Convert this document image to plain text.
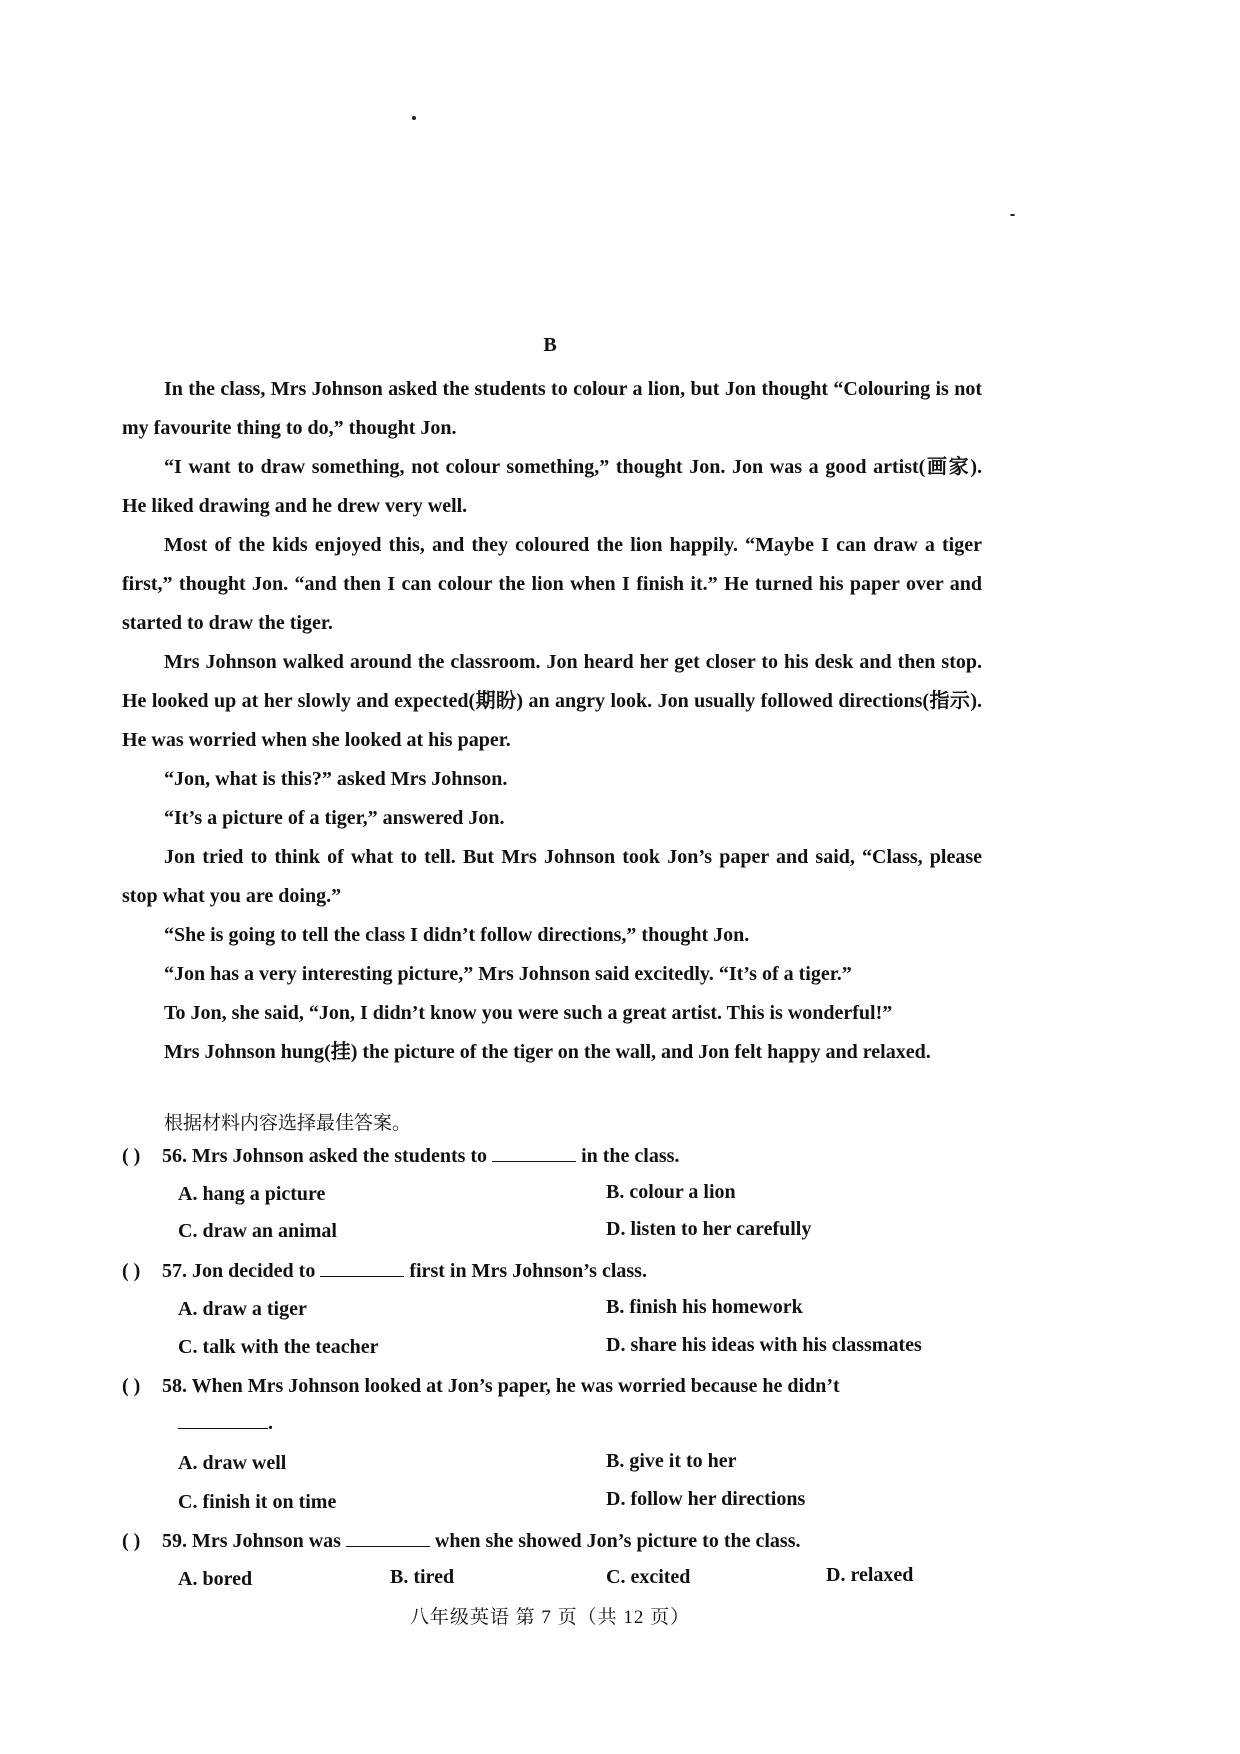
B

In the class, Mrs Johnson asked the students to colour a lion, but Jon thought “Colouring is not my favourite thing to do,” thought Jon.

“I want to draw something, not colour something,” thought Jon. Jon was a good artist(画家). He liked drawing and he drew very well.

Most of the kids enjoyed this, and they coloured the lion happily. “Maybe I can draw a tiger first,” thought Jon. “and then I can colour the lion when I finish it.” He turned his paper over and started to draw the tiger.

Mrs Johnson walked around the classroom. Jon heard her get closer to his desk and then stop. He looked up at her slowly and expected(期盼) an angry look. Jon usually followed directions(指示). He was worried when she looked at his paper.

“Jon, what is this?” asked Mrs Johnson.

“It’s a picture of a tiger,” answered Jon.

Jon tried to think of what to tell. But Mrs Johnson took Jon’s paper and said, “Class, please stop what you are doing.”

“She is going to tell the class I didn’t follow directions,” thought Jon.

“Jon has a very interesting picture,” Mrs Johnson said excitedly. “It’s of a tiger.”

To Jon, she said, “Jon, I didn’t know you were such a great artist. This is wonderful!”

Mrs Johnson hung(挂) the picture of the tiger on the wall, and Jon felt happy and relaxed.

根据材料内容选择最佳答案。
( ) 56. Mrs Johnson asked the students to	in the class.
A. hang a picture	B. colour a lion
C. draw an animal	D. listen to her carefully
( ) 57. Jon decided to	first in Mrs Johnson’s class.
A. draw a tiger	B. finish his homework
C. talk with the teacher	D. share his ideas with his classmates
( ) 58. When Mrs Johnson looked at Jon’s paper, he was worried because he didn’t
.
A. draw well	B. give it to her
C. finish it on time	D. follow her directions
( ) 59. Mrs Johnson was	when she showed Jon’s picture to the class.
A. bored	B. tired	C. excited	D. relaxed
八年级英语 第 7 页（共 12 页）
